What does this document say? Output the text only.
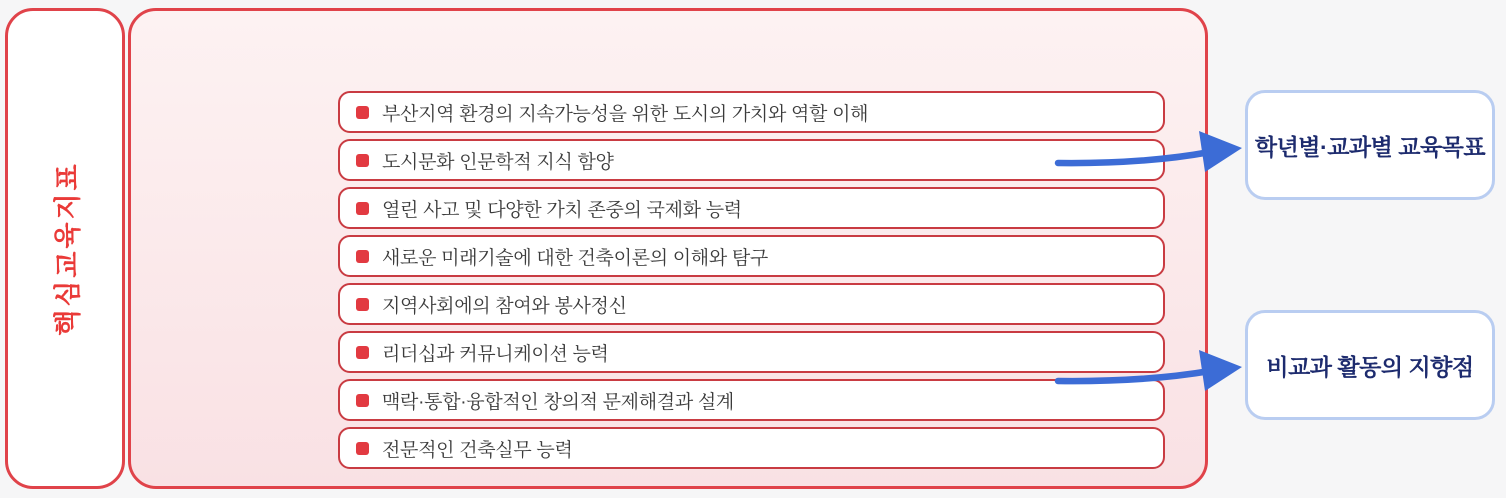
핵심교육지표
부산지역 환경의 지속가능성을 위한 도시의 가치와 역할 이해
도시문화 인문학적 지식 함양
열린 사고 및 다양한 가치 존중의 국제화 능력
새로운 미래기술에 대한 건축이론의 이해와 탐구
지역사회에의 참여와 봉사정신
리더십과 커뮤니케이션 능력
맥락·통합·융합적인 창의적 문제해결과 설계
전문적인 건축실무 능력
학년별·교과별 교육목표
비교과 활동의 지향점
